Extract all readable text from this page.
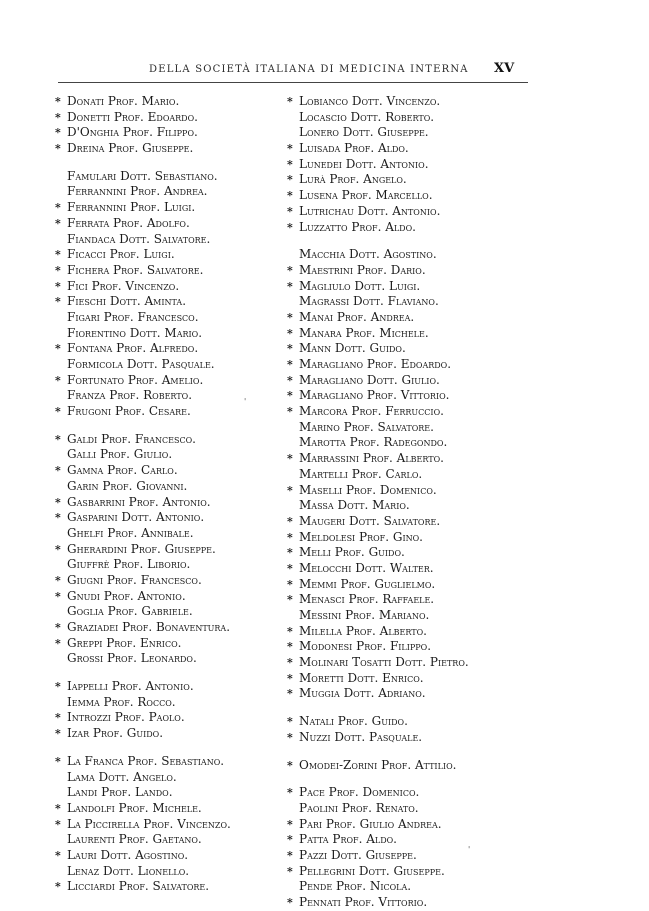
DELLA SOCIETÀ ITALIANA DI MEDICINA INTERNA XV
* Donati Prof. Mario.
* Donetti Prof. Edoardo.
* D'Onghia Prof. Filippo.
* Dreina Prof. Giuseppe.
Famulari Dott. Sebastiano.
Ferrannini Prof. Andrea.
* Ferrannini Prof. Luigi.
* Ferrata Prof. Adolfo.
Fiandaca Dott. Salvatore.
* Ficacci Prof. Luigi.
* Fichera Prof. Salvatore.
* Fici Prof. Vincenzo.
* Fieschi Dott. Aminta.
Figari Prof. Francesco.
Fiorentino Dott. Mario.
* Fontana Prof. Alfredo.
Formicola Dott. Pasquale.
* Fortunato Prof. Amelio.
Franza Prof. Roberto.
* Frugoni Prof. Cesare.
* Galdi Prof. Francesco.
Galli Prof. Giulio.
* Gamna Prof. Carlo.
Garin Prof. Giovanni.
* Gasbarrini Prof. Antonio.
* Gasparini Dott. Antonio.
Ghelfi Prof. Annibale.
* Gherardini Prof. Giuseppe.
Giuffrè Prof. Liborio.
* Giugni Prof. Francesco.
* Gnudi Prof. Antonio.
Goglia Prof. Gabriele.
* Graziadei Prof. Bonaventura.
* Greppi Prof. Enrico.
Grossi Prof. Leonardo.
* Iappelli Prof. Antonio.
Iemma Prof. Rocco.
* Introzzi Prof. Paolo.
* Izar Prof. Guido.
* La Franca Prof. Sebastiano.
Lama Dott. Angelo.
Landi Prof. Lando.
* Landolfi Prof. Michele.
* La Piccirella Prof. Vincenzo.
Laurenti Prof. Gaetano.
* Lauri Dott. Agostino.
Lenaz Dott. Lionello.
* Licciardi Prof. Salvatore.
* Lobianco Dott. Vincenzo.
Locascio Dott. Roberto.
Lonero Dott. Giuseppe.
* Luisada Prof. Aldo.
* Lunedei Dott. Antonio.
* Lurà Prof. Angelo.
* Lusena Prof. Marcello.
* Lutrichau Dott. Antonio.
* Luzzatto Prof. Aldo.
Macchia Dott. Agostino.
* Maestrini Prof. Dario.
* Magliulo Dott. Luigi.
Magrassi Dott. Flaviano.
* Manai Prof. Andrea.
* Manara Prof. Michele.
* Mann Dott. Guido.
* Maragliano Prof. Edoardo.
* Maragliano Dott. Giulio.
* Maragliano Prof. Vittorio.
* Marcora Prof. Ferruccio.
Marino Prof. Salvatore.
Marotta Prof. Radegondo.
* Marrassini Prof. Alberto.
Martelli Prof. Carlo.
* Maselli Prof. Domenico.
Massa Dott. Mario.
* Maugeri Dott. Salvatore.
* Meldolesi Prof. Gino.
* Melli Prof. Guido.
* Melocchi Dott. Walter.
* Memmi Prof. Guglielmo.
* Menasci Prof. Raffaele.
Messini Prof. Mariano.
* Milella Prof. Alberto.
* Modonesi Prof. Filippo.
* Molinari Tosatti Dott. Pietro.
* Moretti Dott. Enrico.
* Muggia Dott. Adriano.
* Natali Prof. Guido.
* Nuzzi Dott. Pasquale.
* Omodei-Zorini Prof. Attilio.
* Pace Prof. Domenico.
Paolini Prof. Renato.
* Pari Prof. Giulio Andrea.
* Patta Prof. Aldo.
* Pazzi Dott. Giuseppe.
* Pellegrini Dott. Giuseppe.
Pende Prof. Nicola.
* Pennati Prof. Vittorio.
'
'
